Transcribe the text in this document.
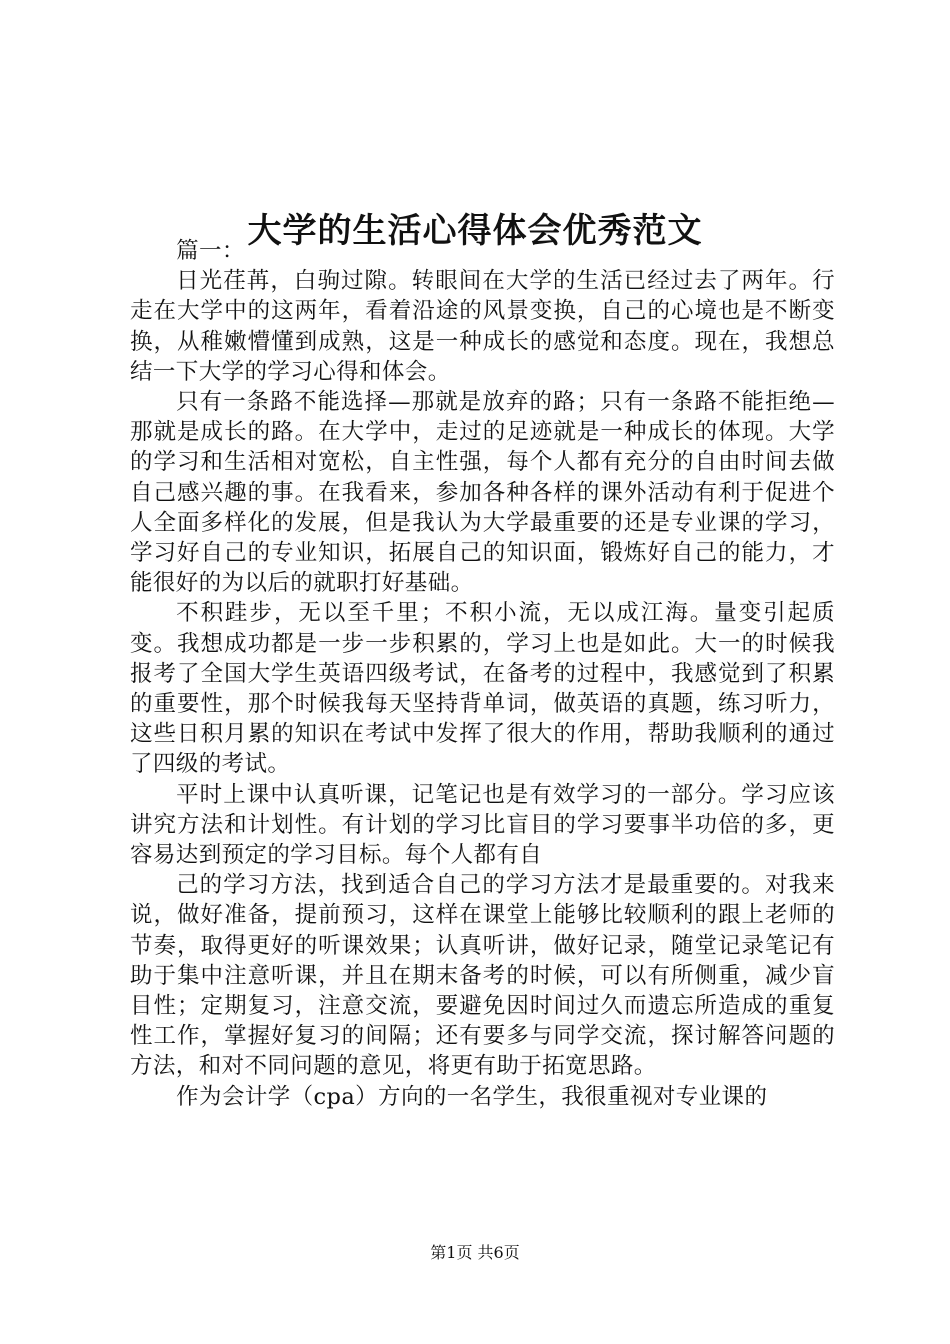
大学的生活心得体会优秀范文

篇一：

日光荏苒，白驹过隙。转眼间在大学的生活已经过去了两年。行走在大学中的这两年，看着沿途的风景变换，自己的心境也是不断变换，从稚嫩懵懂到成熟，这是一种成长的感觉和态度。现在，我想总结一下大学的学习心得和体会。

只有一条路不能选择—那就是放弃的路；只有一条路不能拒绝—那就是成长的路。在大学中，走过的足迹就是一种成长的体现。大学的学习和生活相对宽松，自主性强，每个人都有充分的自由时间去做自己感兴趣的事。在我看来，参加各种各样的课外活动有利于促进个人全面多样化的发展，但是我认为大学最重要的还是专业课的学习，学习好自己的专业知识，拓展自己的知识面，锻炼好自己的能力，才能很好的为以后的就职打好基础。

不积跬步，无以至千里；不积小流，无以成江海。量变引起质变。我想成功都是一步一步积累的，学习上也是如此。大一的时候我报考了全国大学生英语四级考试，在备考的过程中，我感觉到了积累的重要性，那个时候我每天坚持背单词，做英语的真题，练习听力，这些日积月累的知识在考试中发挥了很大的作用，帮助我顺利的通过了四级的考试。

平时上课中认真听课，记笔记也是有效学习的一部分。学习应该讲究方法和计划性。有计划的学习比盲目的学习要事半功倍的多，更容易达到预定的学习目标。每个人都有自

己的学习方法，找到适合自己的学习方法才是最重要的。对我来说，做好准备，提前预习，这样在课堂上能够比较顺利的跟上老师的节奏，取得更好的听课效果；认真听讲，做好记录，随堂记录笔记有助于集中注意听课，并且在期末备考的时候，可以有所侧重，减少盲目性；定期复习，注意交流，要避免因时间过久而遗忘所造成的重复性工作，掌握好复习的间隔；还有要多与同学交流，探讨解答问题的方法，和对不同问题的意见，将更有助于拓宽思路。

作为会计学（cpa）方向的一名学生，我很重视对专业课的

第1页 共6页
